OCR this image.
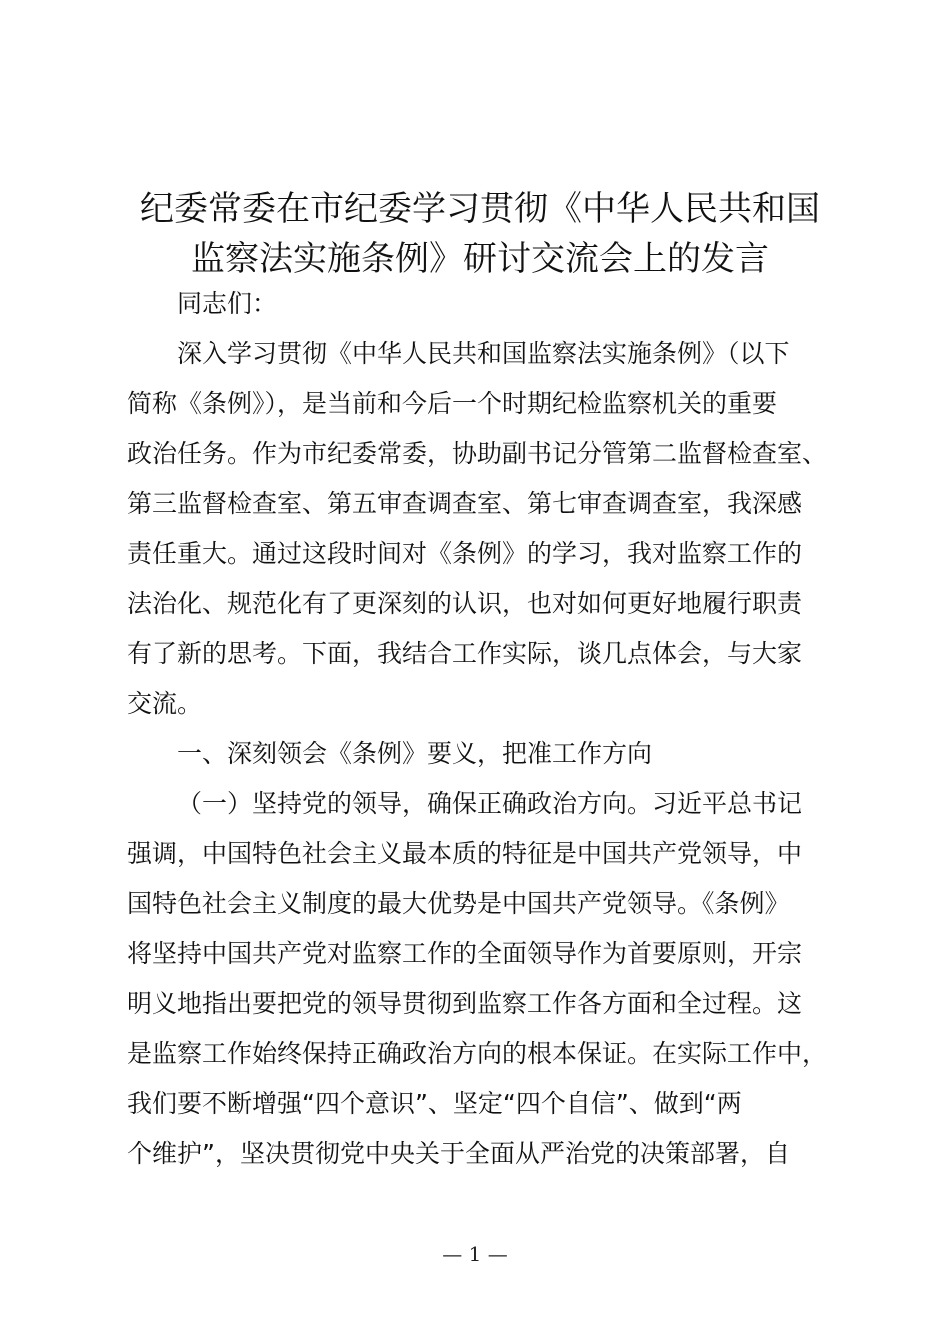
纪委常委在市纪委学习贯彻《中华人民共和国
监察法实施条例》研讨交流会上的发言
同志们：
深入学习贯彻《中华人民共和国监察法实施条例》（以下
简称《条例》），是当前和今后一个时期纪检监察机关的重要
政治任务。作为市纪委常委，协助副书记分管第二监督检查室、
第三监督检查室、第五审查调查室、第七审查调查室，我深感
责任重大。通过这段时间对《条例》的学习，我对监察工作的
法治化、规范化有了更深刻的认识，也对如何更好地履行职责
有了新的思考。下面，我结合工作实际，谈几点体会，与大家
交流。
一、深刻领会《条例》要义，把准工作方向
（一）坚持党的领导，确保正确政治方向。习近平总书记
强调，中国特色社会主义最本质的特征是中国共产党领导，中
国特色社会主义制度的最大优势是中国共产党领导。《条例》
将坚持中国共产党对监察工作的全面领导作为首要原则，开宗
明义地指出要把党的领导贯彻到监察工作各方面和全过程。这
是监察工作始终保持正确政治方向的根本保证。在实际工作中，
我们要不断增强“四个意识”、坚定“四个自信”、做到“两
个维护”，坚决贯彻党中央关于全面从严治党的决策部署，自
— 1 —
